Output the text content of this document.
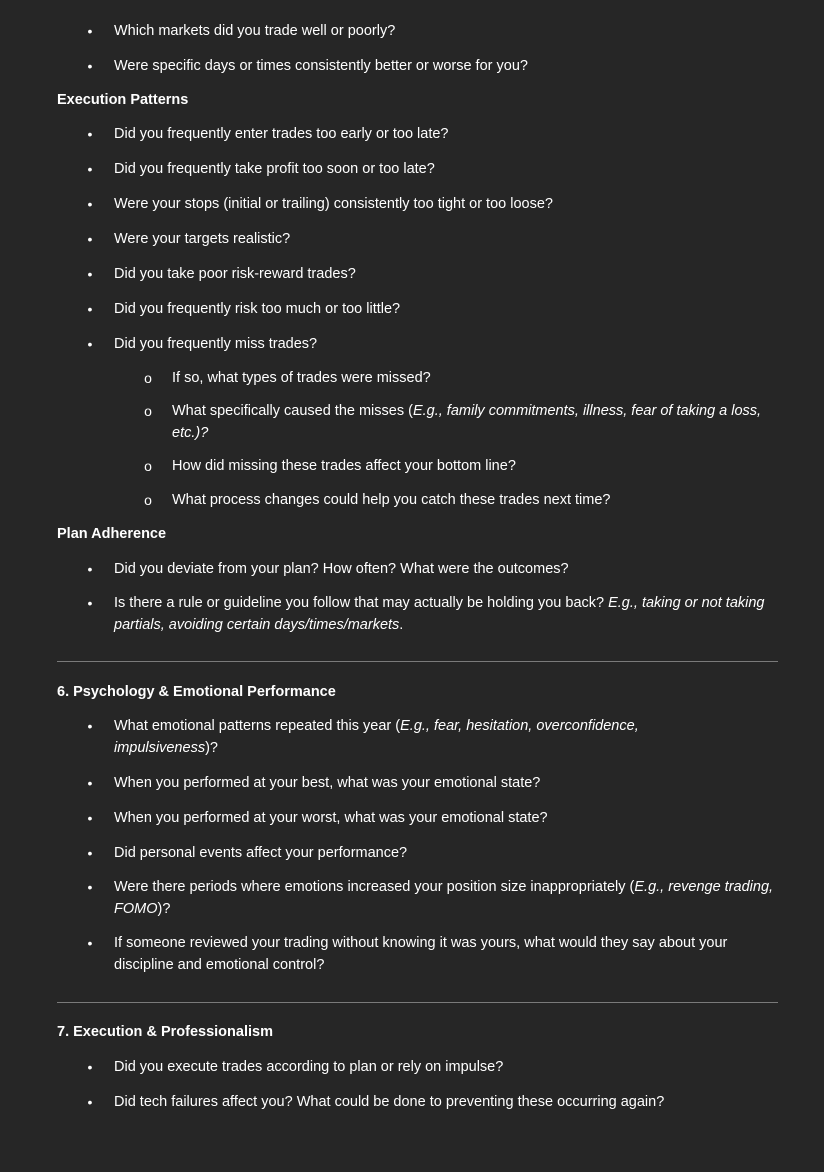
• Which markets did you trade well or poorly?
• Were specific days or times consistently better or worse for you?
Execution Patterns
• Did you frequently enter trades too early or too late?
• Did you frequently take profit too soon or too late?
• Were your stops (initial or trailing) consistently too tight or too loose?
• Were your targets realistic?
• Did you take poor risk-reward trades?
• Did you frequently risk too much or too little?
• Did you frequently miss trades?
o If so, what types of trades were missed?
o What specifically caused the misses (E.g., family commitments, illness, fear of taking a loss, etc.)?
o How did missing these trades affect your bottom line?
o What process changes could help you catch these trades next time?
Plan Adherence
• Did you deviate from your plan? How often? What were the outcomes?
• Is there a rule or guideline you follow that may actually be holding you back? E.g., taking or not taking partials, avoiding certain days/times/markets.
6. Psychology & Emotional Performance
• What emotional patterns repeated this year (E.g., fear, hesitation, overconfidence, impulsiveness)?
• When you performed at your best, what was your emotional state?
• When you performed at your worst, what was your emotional state?
• Did personal events affect your performance?
• Were there periods where emotions increased your position size inappropriately (E.g., revenge trading, FOMO)?
• If someone reviewed your trading without knowing it was yours, what would they say about your discipline and emotional control?
7. Execution & Professionalism
• Did you execute trades according to plan or rely on impulse?
• Did tech failures affect you? What could be done to preventing these occurring again?
